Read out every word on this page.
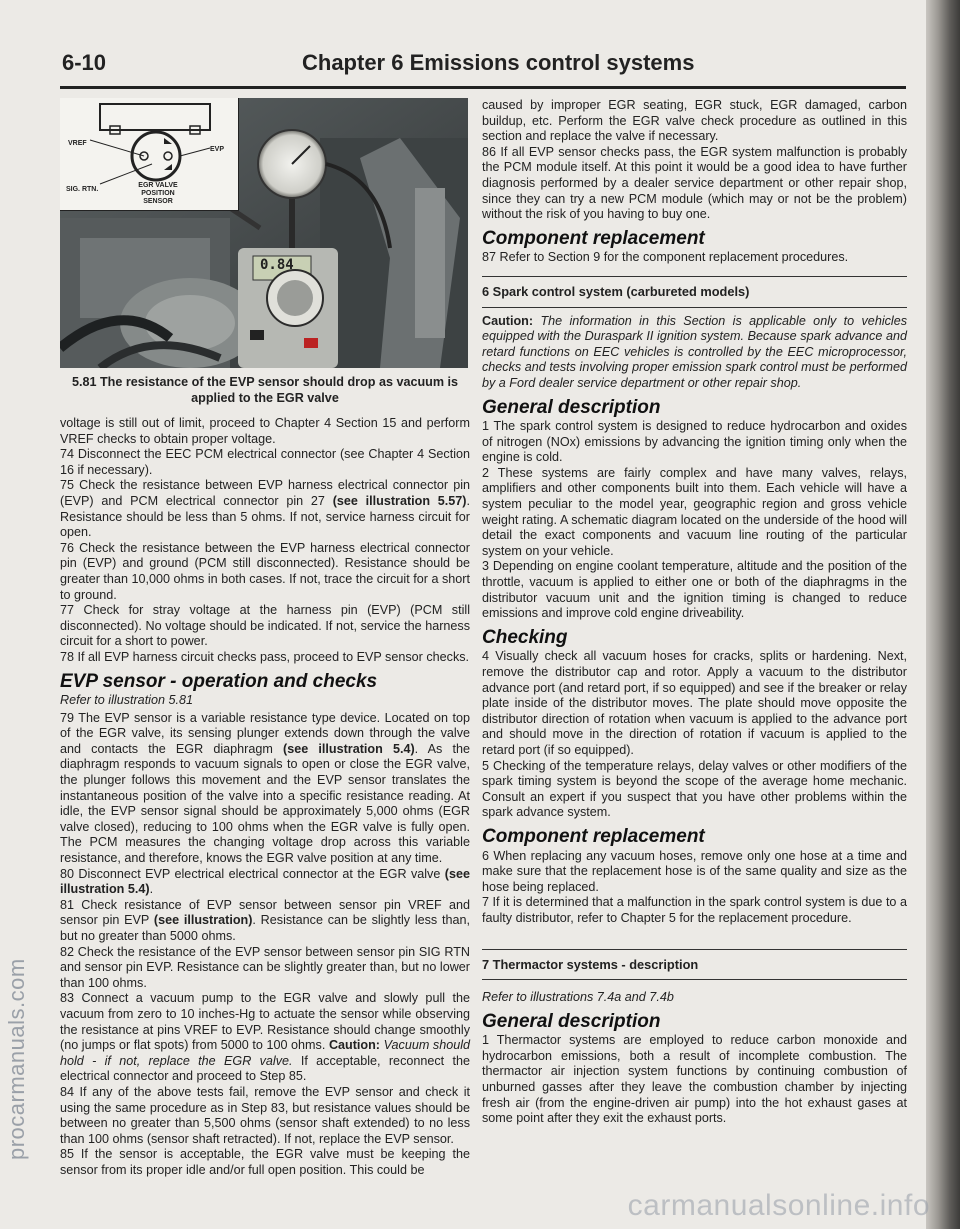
procarmanuals.com
carmanualsonline.info
6-10	Chapter 6 Emissions control systems
0.84
VREF
EVP
SIG. RTN.
EGR VALVE
POSITION
SENSOR
5.81 The resistance of the EVP sensor should drop as vacuum is
applied to the EGR valve

voltage is still out of limit, proceed to Chapter 4 Section 15 and perform VREF checks to obtain proper voltage.

74 Disconnect the EEC PCM electrical connector (see Chapter 4 Section 16 if necessary).

75 Check the resistance between EVP harness electrical connector pin (EVP) and PCM electrical connector pin 27 (see illustration 5.57). Resistance should be less than 5 ohms. If not, service harness circuit for open.

76 Check the resistance between the EVP harness electrical connector pin (EVP) and ground (PCM still disconnected). Resistance should be greater than 10,000 ohms in both cases. If not, trace the circuit for a short to ground.

77 Check for stray voltage at the harness pin (EVP) (PCM still disconnected). No voltage should be indicated. If not, service the harness circuit for a short to power.

78 If all EVP harness circuit checks pass, proceed to EVP sensor checks.

EVP sensor - operation and checks

Refer to illustration 5.81

79 The EVP sensor is a variable resistance type device. Located on top of the EGR valve, its sensing plunger extends down through the valve and contacts the EGR diaphragm (see illustration 5.4). As the diaphragm responds to vacuum signals to open or close the EGR valve, the plunger follows this movement and the EVP sensor translates the instantaneous position of the valve into a specific resistance reading. At idle, the EVP sensor signal should be approximately 5,000 ohms (EGR valve closed), reducing to 100 ohms when the EGR valve is fully open. The PCM measures the changing voltage drop across this variable resistance, and therefore, knows the EGR valve position at any time.

80 Disconnect EVP electrical electrical connector at the EGR valve (see illustration 5.4).

81 Check resistance of EVP sensor between sensor pin VREF and sensor pin EVP (see illustration). Resistance can be slightly less than, but no greater than 5000 ohms.

82 Check the resistance of the EVP sensor between sensor pin SIG RTN and sensor pin EVP. Resistance can be slightly greater than, but no lower than 100 ohms.

83 Connect a vacuum pump to the EGR valve and slowly pull the vacuum from zero to 10 inches-Hg to actuate the sensor while observing the resistance at pins VREF to EVP. Resistance should change smoothly (no jumps or flat spots) from 5000 to 100 ohms. Caution: Vacuum should hold - if not, replace the EGR valve. If acceptable, reconnect the electrical connector and proceed to Step 85.

84 If any of the above tests fail, remove the EVP sensor and check it using the same procedure as in Step 83, but resistance values should be between no greater than 5,500 ohms (sensor shaft extended) to no less than 100 ohms (sensor shaft retracted). If not, replace the EVP sensor.

85 If the sensor is acceptable, the EGR valve must be keeping the sensor from its proper idle and/or full open position. This could be

caused by improper EGR seating, EGR stuck, EGR damaged, carbon buildup, etc. Perform the EGR valve check procedure as outlined in this section and replace the valve if necessary.

86 If all EVP sensor checks pass, the EGR system malfunction is probably the PCM module itself. At this point it would be a good idea to have further diagnosis performed by a dealer service department or other repair shop, since they can try a new PCM module (which may or not be the problem) without the risk of you having to buy one.

Component replacement

87 Refer to Section 9 for the component replacement procedures.

6 Spark control system (carbureted models)

Caution: The information in this Section is applicable only to vehicles equipped with the Duraspark II ignition system. Because spark advance and retard functions on EEC vehicles is controlled by the EEC microprocessor, checks and tests involving proper emission spark control must be performed by a Ford dealer service department or other repair shop.

General description

1 The spark control system is designed to reduce hydrocarbon and oxides of nitrogen (NOx) emissions by advancing the ignition timing only when the engine is cold.

2 These systems are fairly complex and have many valves, relays, amplifiers and other components built into them. Each vehicle will have a system peculiar to the model year, geographic region and gross vehicle weight rating. A schematic diagram located on the underside of the hood will detail the exact components and vacuum line routing of the particular system on your vehicle.

3 Depending on engine coolant temperature, altitude and the position of the throttle, vacuum is applied to either one or both of the diaphragms in the distributor vacuum unit and the ignition timing is changed to reduce emissions and improve cold engine driveability.

Checking

4 Visually check all vacuum hoses for cracks, splits or hardening. Next, remove the distributor cap and rotor. Apply a vacuum to the distributor advance port (and retard port, if so equipped) and see if the breaker or relay plate inside of the distributor moves. The plate should move opposite the distributor direction of rotation when vacuum is applied to the advance port and should move in the direction of rotation if vacuum is applied to the retard port (if so equipped).

5 Checking of the temperature relays, delay valves or other modifiers of the spark timing system is beyond the scope of the average home mechanic. Consult an expert if you suspect that you have other problems within the spark advance system.

Component replacement

6 When replacing any vacuum hoses, remove only one hose at a time and make sure that the replacement hose is of the same quality and size as the hose being replaced.

7 If it is determined that a malfunction in the spark control system is due to a faulty distributor, refer to Chapter 5 for the replacement procedure.

7 Thermactor systems - description

Refer to illustrations 7.4a and 7.4b

General description

1 Thermactor systems are employed to reduce carbon monoxide and hydrocarbon emissions, both a result of incomplete combustion. The thermactor air injection system functions by continuing combustion of unburned gasses after they leave the combustion chamber by injecting fresh air (from the engine-driven air pump) into the hot exhaust gases at some point after they exit the exhaust ports.
